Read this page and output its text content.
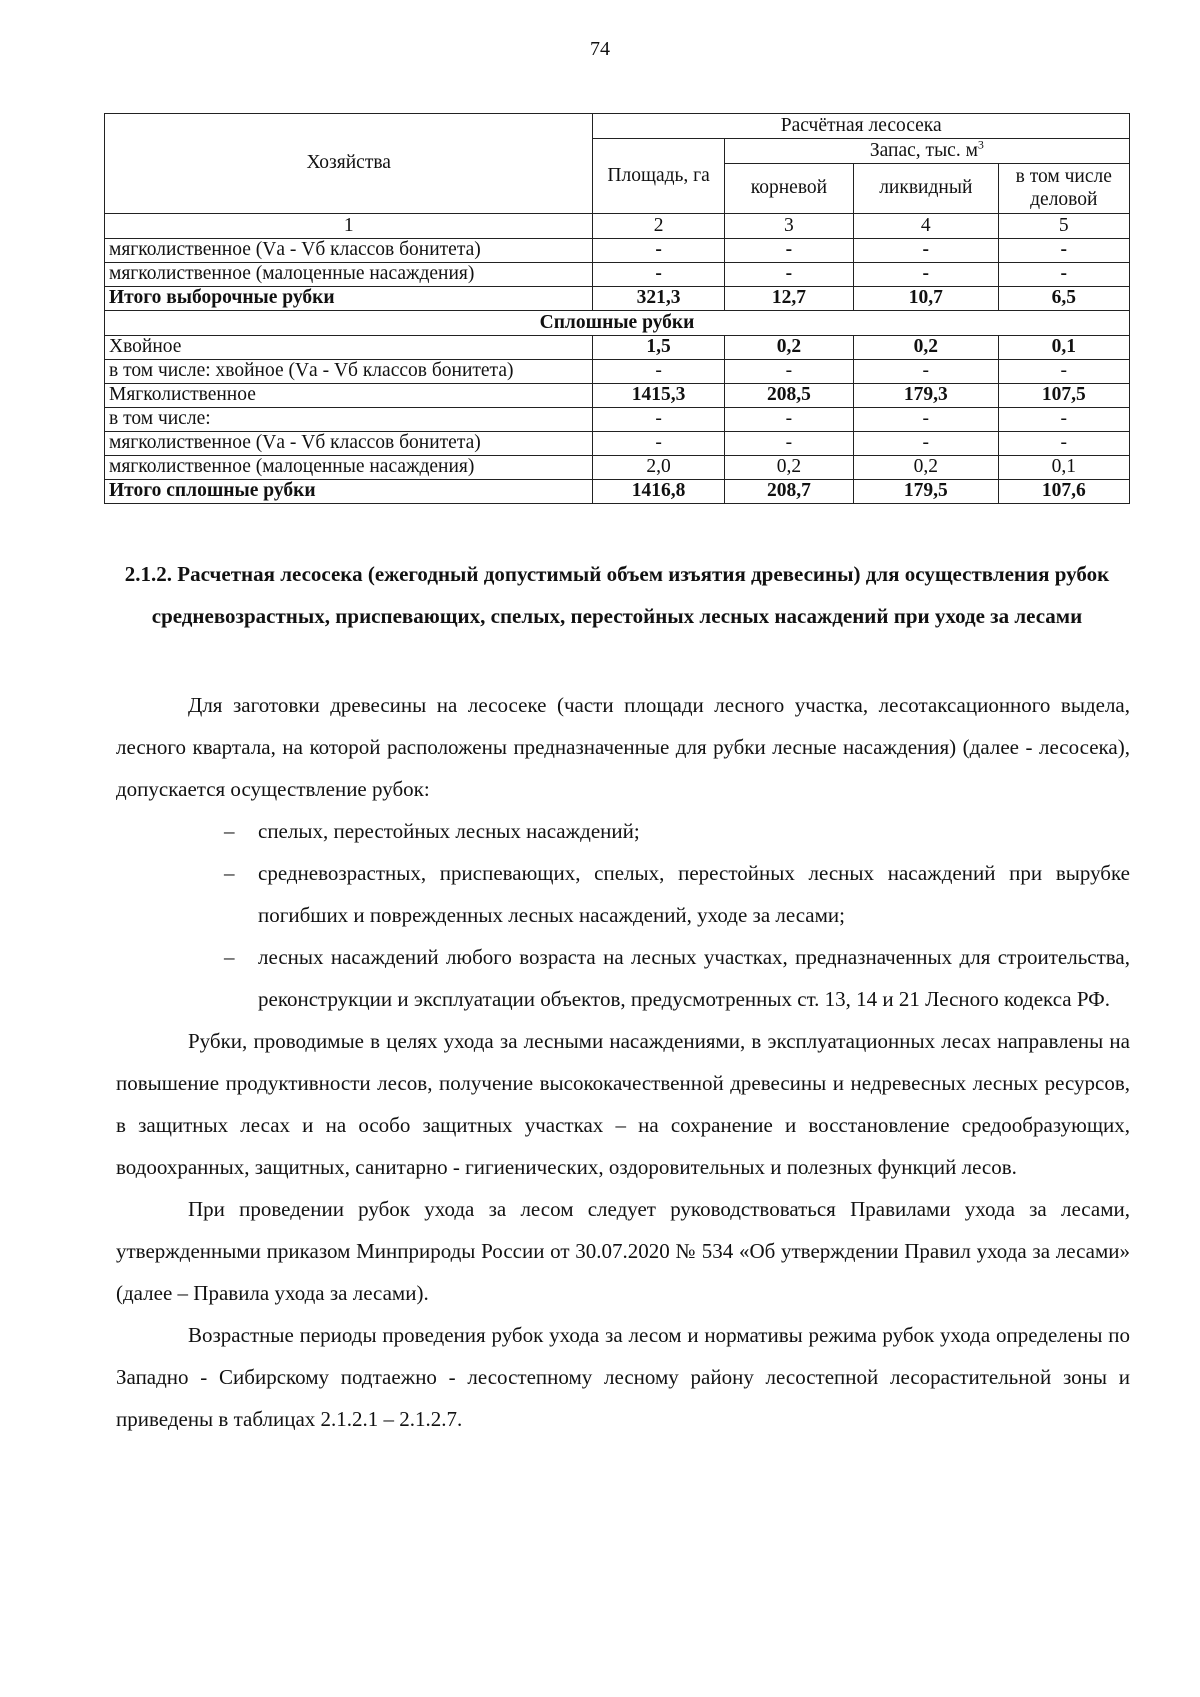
74
Хозяйства	Расчётная лесосека			
	Площадь, га	Запас, тыс. $м^3$
		корневой	ликвидный	в том числе деловой
1	2	3	4	5
мягколиственное (Vа - Vб классов бонитета)	-	-	-	-
мягколиственное (малоценные насаждения)	-	-	-	-
Итого выборочные рубки	321,3	12,7	10,7	6,5
Сплошные рубки				
Хвойное	1,5	0,2	0,2	0,1
в том числе: хвойное (Vа - Vб классов бонитета)	-	-	-	-
Мягколиственное	1415,3	208,5	179,3	107,5
в том числе:	-	-	-	-
мягколиственное (Vа - Vб классов бонитета)	-	-	-	-
мягколиственное (малоценные насаждения)	2,0	0,2	0,2	0,1
Итого сплошные рубки	1416,8	208,7	179,5	107,6
2.1.2. Расчетная лесосека (ежегодный допустимый объем изъятия древесины) для осуществления рубок средневозрастных, приспевающих, спелых, перестойных лесных насаждений при уходе за лесами

Для заготовки древесины на лесосеке (части площади лесного участка, лесотаксационного выдела, лесного квартала, на которой расположены предназначенные для рубки лесные насаждения) (далее - лесосека), допускается осуществление рубок:

– спелых, перестойных лесных насаждений;
– средневозрастных, приспевающих, спелых, перестойных лесных насаждений при вырубке погибших и поврежденных лесных насаждений, уходе за лесами;
– лесных насаждений любого возраста на лесных участках, предназначенных для строительства, реконструкции и эксплуатации объектов, предусмотренных ст. 13, 14 и 21 Лесного кодекса РФ.

Рубки, проводимые в целях ухода за лесными насаждениями, в эксплуатационных лесах направлены на повышение продуктивности лесов, получение высококачественной древесины и недревесных лесных ресурсов, в защитных лесах и на особо защитных участках – на сохранение и восстановление средообразующих, водоохранных, защитных, санитарно - гигиенических, оздоровительных и полезных функций лесов.

При проведении рубок ухода за лесом следует руководствоваться Правилами ухода за лесами, утвержденными приказом Минприроды России от 30.07.2020 № 534 «Об утверждении Правил ухода за лесами» (далее – Правила ухода за лесами).

Возрастные периоды проведения рубок ухода за лесом и нормативы режима рубок ухода определены по Западно - Сибирскому подтаежно - лесостепному лесному району лесостепной лесорастительной зоны и приведены в таблицах 2.1.2.1 – 2.1.2.7.
